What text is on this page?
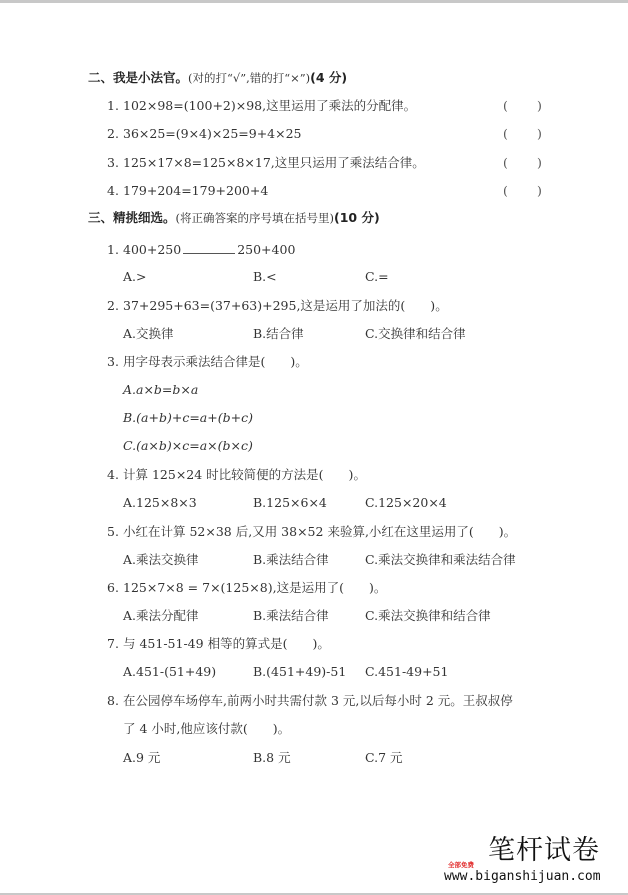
二、我是小法官。(对的打“√”,错的打“×”)(4 分)
1. 102×98=(100+2)×98,这里运用了乘法的分配律。	( )
2. 36×25=(9×4)×25=9+4×25	( )
3. 125×17×8=125×8×17,这里只运用了乘法结合律。	( )
4. 179+204=179+200+4	( )
三、精挑细选。(将正确答案的序号填在括号里)(10 分)
1. 400+250	250+400
A.>	B.<	C.=
2. 37+295+63=(37+63)+295,这是运用了加法的(　　)。
A.交换律	B.结合律	C.交换律和结合律
3. 用字母表示乘法结合律是(　　)。
A.a×b=b×a
B.(a+b)+c=a+(b+c)
C.(a×b)×c=a×(b×c)
4. 计算 125×24 时比较简便的方法是(　　)。
A.125×8×3	B.125×6×4	C.125×20×4
5. 小红在计算 52×38 后,又用 38×52 来验算,小红在这里运用了(　　)。
A.乘法交换律	B.乘法结合律	C.乘法交换律和乘法结合律
6. 125×7×8 = 7×(125×8),这是运用了(　　)。
A.乘法分配律	B.乘法结合律	C.乘法交换律和结合律
7. 与 451-51-49 相等的算式是(　　)。
A.451-(51+49)	B.(451+49)-51 C.451-49+51
8. 在公园停车场停车,前两小时共需付款 3 元,以后每小时 2 元。王叔叔停
了 4 小时,他应该付款(　　)。
A.9 元	B.8 元	C.7 元
笔杆试卷
全部免费
www.biganshijuan.com
